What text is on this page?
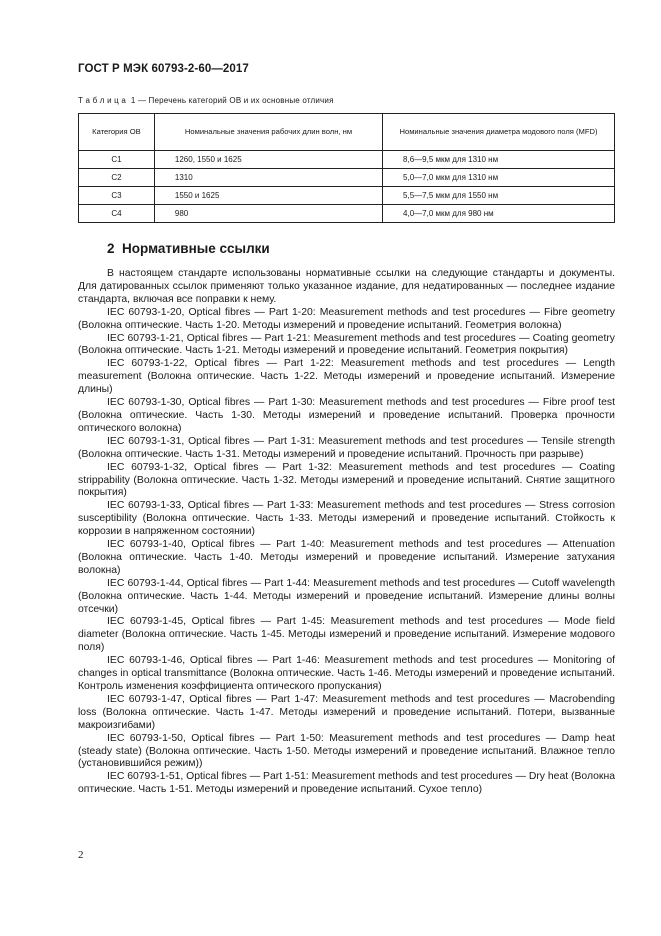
ГОСТ Р МЭК 60793-2-60—2017
Т а б л и ц а  1 — Перечень категорий ОВ и их основные отличия
Категория ОВ	Номинальные значения рабочих длин волн, нм	Номинальные значения диаметра модового поля (MFD)

C1	1260, 1550 и 1625	8,6—9,5 мкм для 1310 нм
C2	1310	5,0—7,0 мкм для 1310 нм
C3	1550 и 1625	5,5—7,5 мкм для 1550 нм
C4	980	4,0—7,0 мкм для 980 нм
2  Нормативные ссылки

В настоящем стандарте использованы нормативные ссылки на следующие стандарты и документы. Для датированных ссылок применяют только указанное издание, для недатированных — последнее издание стандарта, включая все поправки к нему.

IEC 60793-1-20, Optical fibres — Part 1-20: Measurement methods and test procedures — Fibre geometry (Волокна оптические. Часть 1-20. Методы измерений и проведение испытаний. Геометрия волокна)

IEC 60793-1-21, Optical fibres — Part 1-21: Measurement methods and test procedures — Coating geometry (Волокна оптические. Часть 1-21. Методы измерений и проведение испытаний. Геометрия покрытия)

IEC 60793-1-22, Optical fibres — Part 1-22: Measurement methods and test procedures — Length measurement (Волокна оптические. Часть 1-22. Методы измерений и проведение испытаний. Измерение длины)

IEC 60793-1-30, Optical fibres — Part 1-30: Measurement methods and test procedures — Fibre proof test (Волокна оптические. Часть 1-30. Методы измерений и проведение испытаний. Проверка прочности оптического волокна)

IEC 60793-1-31, Optical fibres — Part 1-31: Measurement methods and test procedures — Tensile strength (Волокна оптические. Часть 1-31. Методы измерений и проведение испытаний. Прочность при разрыве)

IEC 60793-1-32, Optical fibres — Part 1-32: Measurement methods and test procedures — Coating strippability (Волокна оптические. Часть 1-32. Методы измерений и проведение испытаний. Снятие защитного покрытия)

IEC 60793-1-33, Optical fibres — Part 1-33: Measurement methods and test procedures — Stress corrosion susceptibility (Волокна оптические. Часть 1-33. Методы измерений и проведение испытаний. Стойкость к коррозии в напряженном состоянии)

IEC 60793-1-40, Optical fibres — Part 1-40: Measurement methods and test procedures — Attenuation (Волокна оптические. Часть 1-40. Методы измерений и проведение испытаний. Измерение затухания волокна)

IEC 60793-1-44, Optical fibres — Part 1-44: Measurement methods and test procedures — Cutoff wavelength (Волокна оптические. Часть 1-44. Методы измерений и проведение испытаний. Измерение длины волны отсечки)

IEC 60793-1-45, Optical fibres — Part 1-45: Measurement methods and test procedures — Mode field diameter (Волокна оптические. Часть 1-45. Методы измерений и проведение испытаний. Измерение модового поля)

IEC 60793-1-46, Optical fibres — Part 1-46: Measurement methods and test procedures — Monitoring of changes in optical transmittance (Волокна оптические. Часть 1-46. Методы измерений и проведение испытаний. Контроль изменения коэффициента оптического пропускания)

IEC 60793-1-47, Optical fibres — Part 1-47: Measurement methods and test procedures — Macrobending loss (Волокна оптические. Часть 1-47. Методы измерений и проведение испытаний. Потери, вызванные макроизгибами)

IEC 60793-1-50, Optical fibres — Part 1-50: Measurement methods and test procedures — Damp heat (steady state) (Волокна оптические. Часть 1-50. Методы измерений и проведение испытаний. Влажное тепло (установившийся режим))

IEC 60793-1-51, Optical fibres — Part 1-51: Measurement methods and test procedures — Dry heat (Волокна оптические. Часть 1-51. Методы измерений и проведение испытаний. Сухое тепло)

2
